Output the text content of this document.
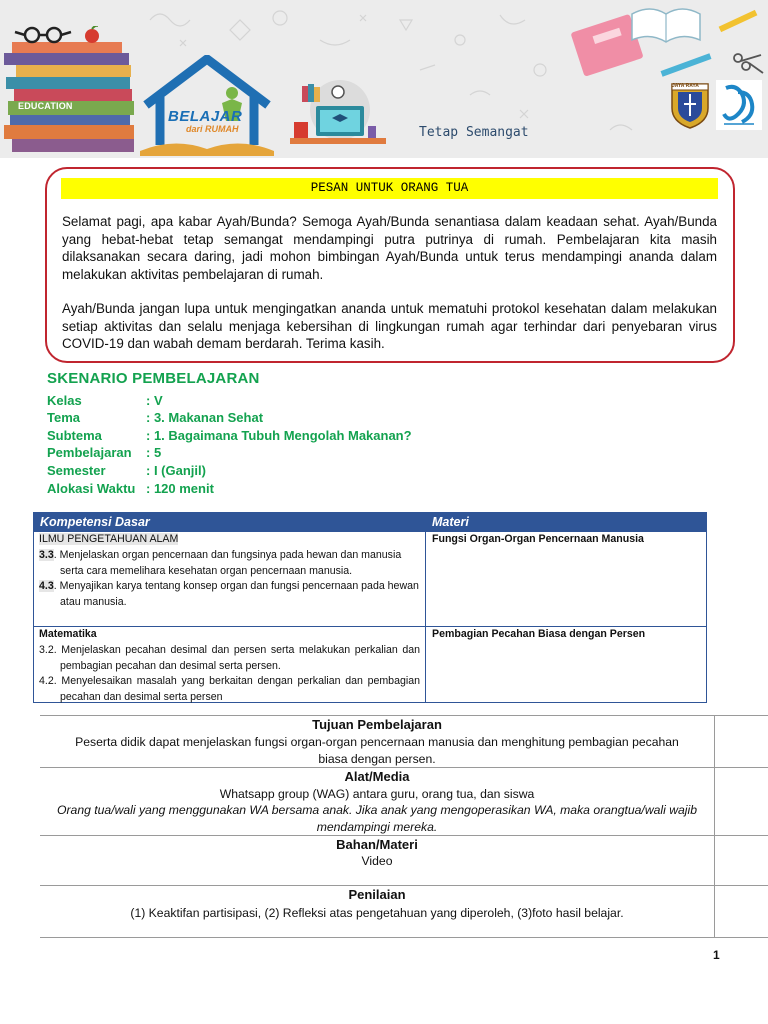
EDUCATION
BELAJAR
dari RUMAH	Tetap Semangat
JAYA RAYA
PESAN UNTUK ORANG TUA

Selamat pagi, apa kabar Ayah/Bunda? Semoga Ayah/Bunda senantiasa dalam keadaan sehat. Ayah/Bunda yang hebat-hebat tetap semangat mendampingi putra putrinya di rumah. Pembelajaran kita masih dilaksanakan secara daring, jadi mohon bimbingan Ayah/Bunda untuk terus mendampingi ananda dalam melakukan aktivitas pembelajaran di rumah.

Ayah/Bunda jangan lupa untuk mengingatkan ananda untuk mematuhi protokol kesehatan dalam melakukan setiap aktivitas dan selalu menjaga kebersihan di lingkungan rumah agar terhindar dari penyebaran virus COVID-19 dan wabah demam berdarah. Terima kasih.

SKENARIO PEMBELAJARAN
Kelas	: V
Tema	: 3. Makanan Sehat
Subtema	: 1. Bagaimana Tubuh Mengolah Makanan?
Pembelajaran : 5
Semester	: I (Ganjil)
Alokasi Waktu : 120 menit
Kompetensi Dasar	Materi
ILMU PENGETAHUAN ALAM
3.3. Menjelaskan organ pencernaan dan fungsinya pada hewan dan manusia serta cara memelihara kesehatan organ pencernaan manusia.
4.3. Menyajikan karya tentang konsep organ dan fungsi pencernaan pada hewan atau manusia.
Fungsi Organ-Organ Pencernaan Manusia
Matematika
3.2. Menjelaskan pecahan desimal dan persen serta melakukan perkalian dan pembagian pecahan dan desimal serta persen.
4.2. Menyelesaikan masalah yang berkaitan dengan perkalian dan pembagian pecahan dan desimal serta persen
Pembagian Pecahan Biasa dengan Persen
Tujuan Pembelajaran
Peserta didik dapat menjelaskan fungsi organ-organ pencernaan manusia dan menghitung pembagian pecahan biasa dengan persen.
Alat/Media
Whatsapp group (WAG) antara guru, orang tua, dan siswa
Orang tua/wali yang menggunakan WA bersama anak. Jika anak yang mengoperasikan WA, maka orangtua/wali wajib mendampingi mereka.
Bahan/Materi
Video
Penilaian
(1) Keaktifan partisipasi, (2) Refleksi atas pengetahuan yang diperoleh, (3)foto hasil belajar.
1
